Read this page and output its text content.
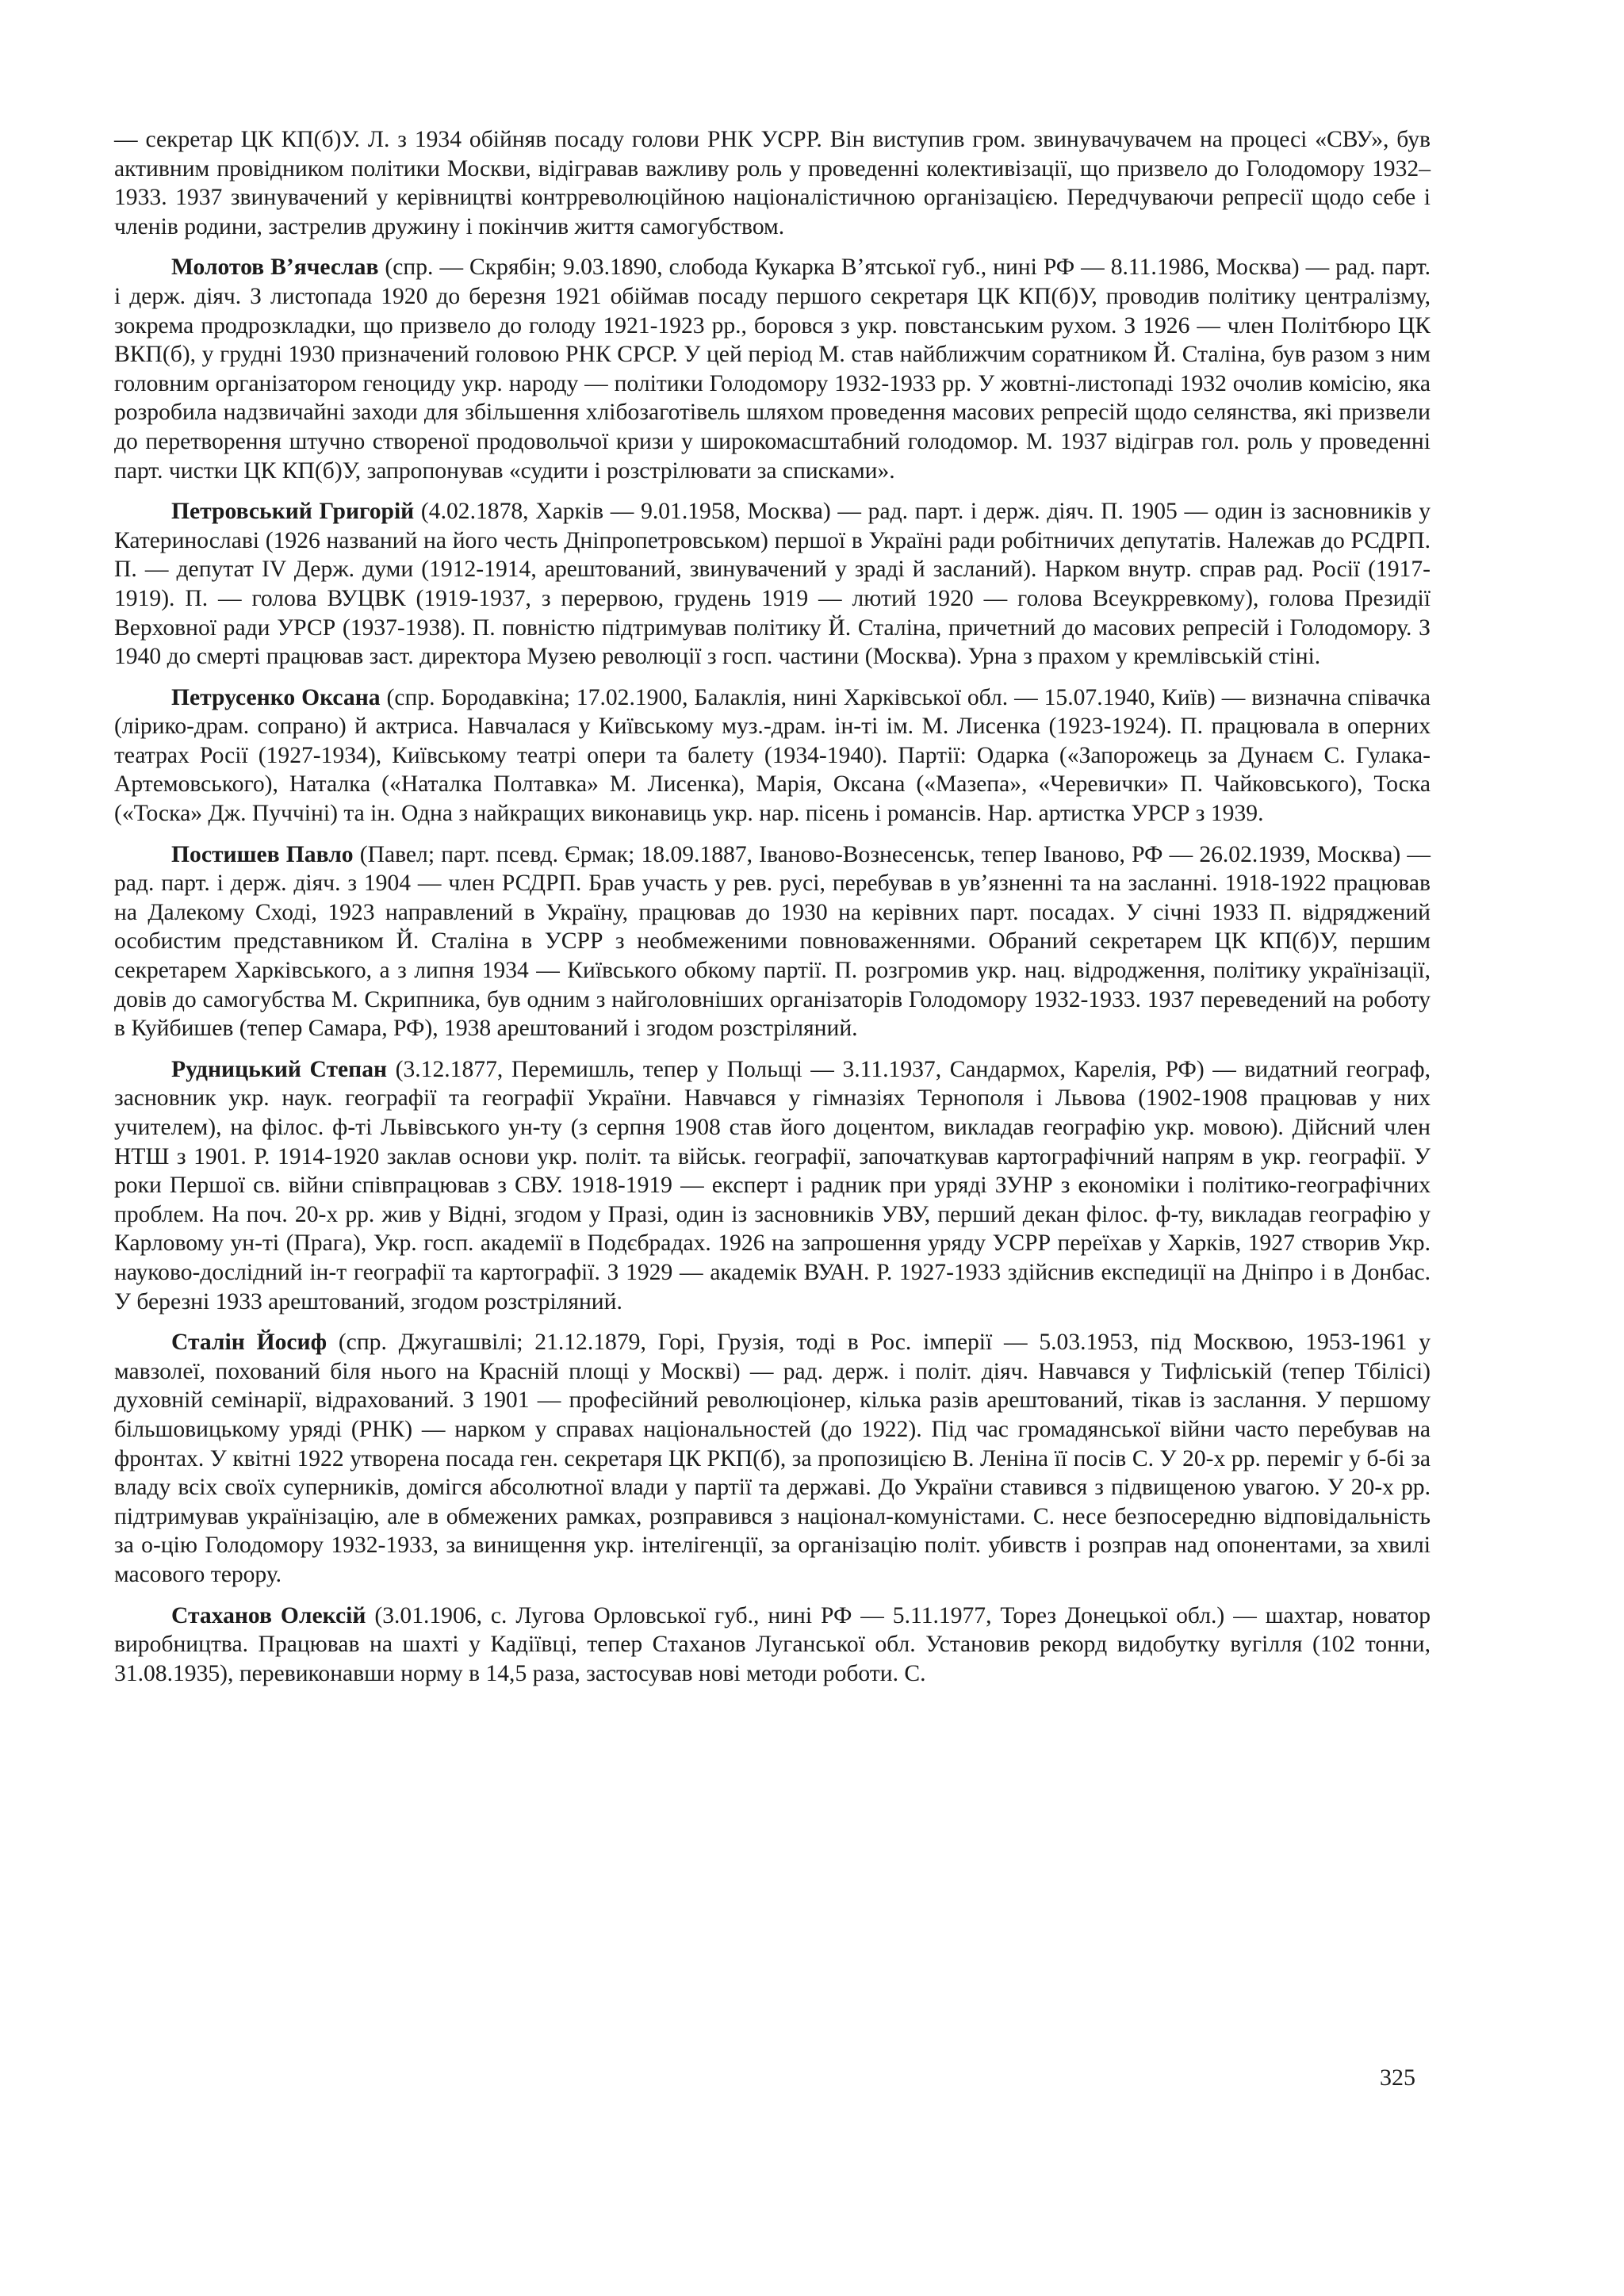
— секретар ЦК КП(б)У. Л. з 1934 обійняв посаду голови РНК УСРР. Він виступив гром. звинувачувачем на процесі «СВУ», був активним провідником політики Москви, відігравав важливу роль у проведенні колективізації, що призвело до Голодомору 1932–1933. 1937 звинувачений у керівництві контрреволюційною націоналістичною організацією. Передчуваючи репресії щодо себе і членів родини, застрелив дружину і покінчив життя самогубством.

Молотов В’ячеслав (спр. — Скрябін; 9.03.1890, слобода Кукарка В’ятської губ., нині РФ — 8.11.1986, Москва) — рад. парт. і держ. діяч. З листопада 1920 до березня 1921 обіймав посаду першого секретаря ЦК КП(б)У, проводив політику централізму, зокрема продрозкладки, що призвело до голоду 1921-1923 рр., боровся з укр. повстанським рухом. З 1926 — член Політбюро ЦК ВКП(б), у грудні 1930 призначений головою РНК СРСР. У цей період М. став найближчим соратником Й. Сталіна, був разом з ним головним організатором геноциду укр. народу — політики Голодомору 1932-1933 рр. У жовтні-листопаді 1932 очолив комісію, яка розробила надзвичайні заходи для збільшення хлібозаготівель шляхом проведення масових репресій щодо селянства, які призвели до перетворення штучно створеної продовольчої кризи у широкомасштабний голодомор. М. 1937 відіграв гол. роль у проведенні парт. чистки ЦК КП(б)У, запропонував «судити і розстрілювати за списками».

Петровський Григорій (4.02.1878, Харків — 9.01.1958, Москва) — рад. парт. і держ. діяч. П. 1905 — один із засновників у Катеринославі (1926 названий на його честь Дніпропетровськом) першої в Україні ради робітничих депутатів. Належав до РСДРП. П. — депутат IV Держ. думи (1912-1914, арештований, звинувачений у зраді й засланий). Нарком внутр. справ рад. Росії (1917-1919). П. — голова ВУЦВК (1919-1937, з перервою, грудень 1919 — лютий 1920 — голова Всеукрревкому), голова Президії Верховної ради УРСР (1937-1938). П. повністю підтримував політику Й. Сталіна, причетний до масових репресій і Голодомору. З 1940 до смерті працював заст. директора Музею революції з госп. частини (Москва). Урна з прахом у кремлівській стіні.

Петрусенко Оксана (спр. Бородавкіна; 17.02.1900, Балаклія, нині Харківської обл. — 15.07.1940, Київ) — визначна співачка (лірико-драм. сопрано) й актриса. Навчалася у Київському муз.-драм. ін-ті ім. М. Лисенка (1923-1924). П. працювала в оперних театрах Росії (1927-1934), Київському театрі опери та балету (1934-1940). Партії: Одарка («Запорожець за Дунаєм С. Гулака-Артемовського), Наталка («Наталка Полтавка» М. Лисенка), Марія, Оксана («Мазепа», «Черевички» П. Чайковського), Тоска («Тоска» Дж. Пуччіні) та ін. Одна з найкращих виконавиць укр. нар. пісень і романсів. Нар. артистка УРСР з 1939.

Постишев Павло (Павел; парт. псевд. Єрмак; 18.09.1887, Іваново-Вознесенськ, тепер Іваново, РФ — 26.02.1939, Москва) — рад. парт. і держ. діяч. з 1904 — член РСДРП. Брав участь у рев. русі, перебував в ув’язненні та на засланні. 1918-1922 працював на Далекому Сході, 1923 направлений в Україну, працював до 1930 на керівних парт. посадах. У січні 1933 П. відряджений особистим представником Й. Сталіна в УСРР з необмеженими повноваженнями. Обраний секретарем ЦК КП(б)У, першим секретарем Харківського, а з липня 1934 — Київського обкому партії. П. розгромив укр. нац. відродження, політику українізації, довів до самогубства М. Скрипника, був одним з найголовніших організаторів Голодомору 1932-1933. 1937 переведений на роботу в Куйбишев (тепер Самара, РФ), 1938 арештований і згодом розстріляний.

Рудницький Степан (3.12.1877, Перемишль, тепер у Польщі — 3.11.1937, Сандармох, Карелія, РФ) — видатний географ, засновник укр. наук. географії та географії України. Навчався у гімназіях Тернополя і Львова (1902-1908 працював у них учителем), на філос. ф-ті Львівського ун-ту (з серпня 1908 став його доцентом, викладав географію укр. мовою). Дійсний член НТШ з 1901. Р. 1914-1920 заклав основи укр. політ. та військ. географії, започаткував картографічний напрям в укр. географії. У роки Першої св. війни співпрацював з СВУ. 1918-1919 — експерт і радник при уряді ЗУНР з економіки і політико-географічних проблем. На поч. 20-х рр. жив у Відні, згодом у Празі, один із засновників УВУ, перший декан філос. ф-ту, викладав географію у Карловому ун-ті (Прага), Укр. госп. академії в Подєбрадах. 1926 на запрошення уряду УСРР переїхав у Харків, 1927 створив Укр. науково-дослідний ін-т географії та картографії. З 1929 — академік ВУАН. Р. 1927-1933 здійснив експедиції на Дніпро і в Донбас. У березні 1933 арештований, згодом розстріляний.

Сталін Йосиф (спр. Джугашвілі; 21.12.1879, Горі, Грузія, тоді в Рос. імперії — 5.03.1953, під Москвою, 1953-1961 у мавзолеї, похований біля нього на Красній площі у Москві) — рад. держ. і політ. діяч. Навчався у Тифліській (тепер Тбілісі) духовній семінарії, відрахований. З 1901 — професійний революціонер, кілька разів арештований, тікав із заслання. У першому більшовицькому уряді (РНК) — нарком у справах національностей (до 1922). Під час громадянської війни часто перебував на фронтах. У квітні 1922 утворена посада ген. секретаря ЦК РКП(б), за пропозицією В. Леніна її посів С. У 20-х рр. переміг у б-бі за владу всіх своїх суперників, домігся абсолютної влади у партії та державі. До України ставився з підвищеною увагою. У 20-х рр. підтримував українізацію, але в обмежених рамках, розправився з націонал-комуністами. С. несе безпосередню відповідальність за о-цію Голодомору 1932-1933, за винищення укр. інтелігенції, за організацію політ. убивств і розправ над опонентами, за хвилі масового терору.

Стаханов Олексій (3.01.1906, с. Лугова Орловської губ., нині РФ — 5.11.1977, Торез Донецької обл.) — шахтар, новатор виробництва. Працював на шахті у Кадіївці, тепер Стаханов Луганської обл. Установив рекорд видобутку вугілля (102 тонни, 31.08.1935), перевиконавши норму в 14,5 раза, застосував нові методи роботи. С.

325
